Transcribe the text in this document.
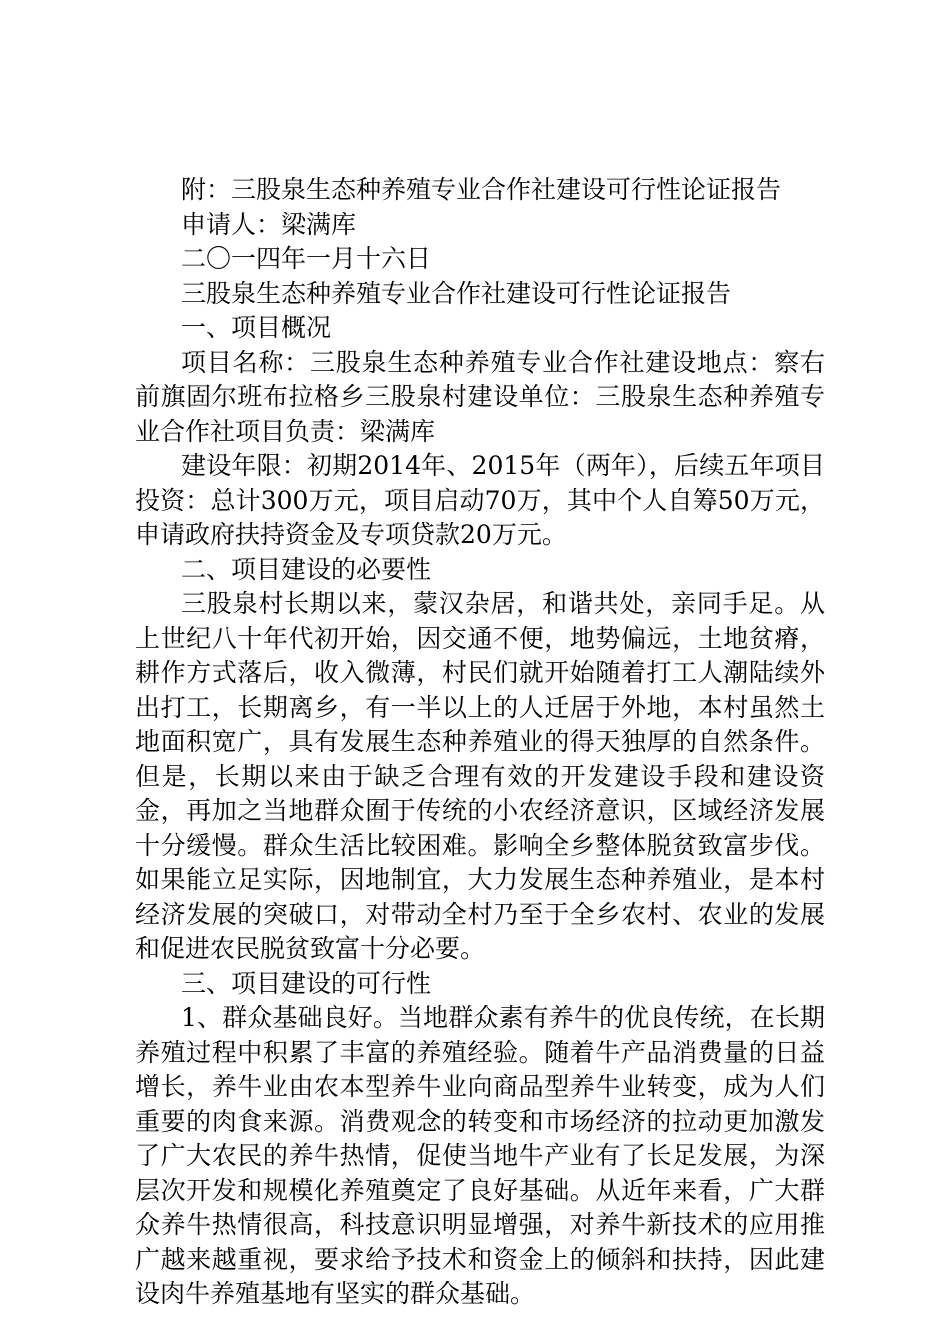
附：三股泉生态种养殖专业合作社建设可行性论证报告

申请人：梁满库

二〇一四年一月十六日

三股泉生态种养殖专业合作社建设可行性论证报告

一、项目概况

项目名称：三股泉生态种养殖专业合作社建设地点：察右前旗固尔班布拉格乡三股泉村建设单位：三股泉生态种养殖专业合作社项目负责：梁满库

建设年限：初期2014年、2015年（两年），后续五年项目投资：总计300万元，项目启动70万，其中个人自筹50万元，申请政府扶持资金及专项贷款20万元。

二、项目建设的必要性

三股泉村长期以来，蒙汉杂居，和谐共处，亲同手足。从上世纪八十年代初开始，因交通不便，地势偏远，土地贫瘠，耕作方式落后，收入微薄，村民们就开始随着打工人潮陆续外出打工，长期离乡，有一半以上的人迁居于外地，本村虽然土地面积宽广，具有发展生态种养殖业的得天独厚的自然条件。但是，长期以来由于缺乏合理有效的开发建设手段和建设资金，再加之当地群众囿于传统的小农经济意识，区域经济发展十分缓慢。群众生活比较困难。影响全乡整体脱贫致富步伐。如果能立足实际，因地制宜，大力发展生态种养殖业，是本村经济发展的突破口，对带动全村乃至于全乡农村、农业的发展和促进农民脱贫致富十分必要。

三、项目建设的可行性

1、群众基础良好。当地群众素有养牛的优良传统，在长期养殖过程中积累了丰富的养殖经验。随着牛产品消费量的日益增长，养牛业由农本型养牛业向商品型养牛业转变，成为人们重要的肉食来源。消费观念的转变和市场经济的拉动更加激发了广大农民的养牛热情，促使当地牛产业有了长足发展，为深层次开发和规模化养殖奠定了良好基础。从近年来看，广大群众养牛热情很高，科技意识明显增强，对养牛新技术的应用推广越来越重视，要求给予技术和资金上的倾斜和扶持，因此建设肉牛养殖基地有坚实的群众基础。
